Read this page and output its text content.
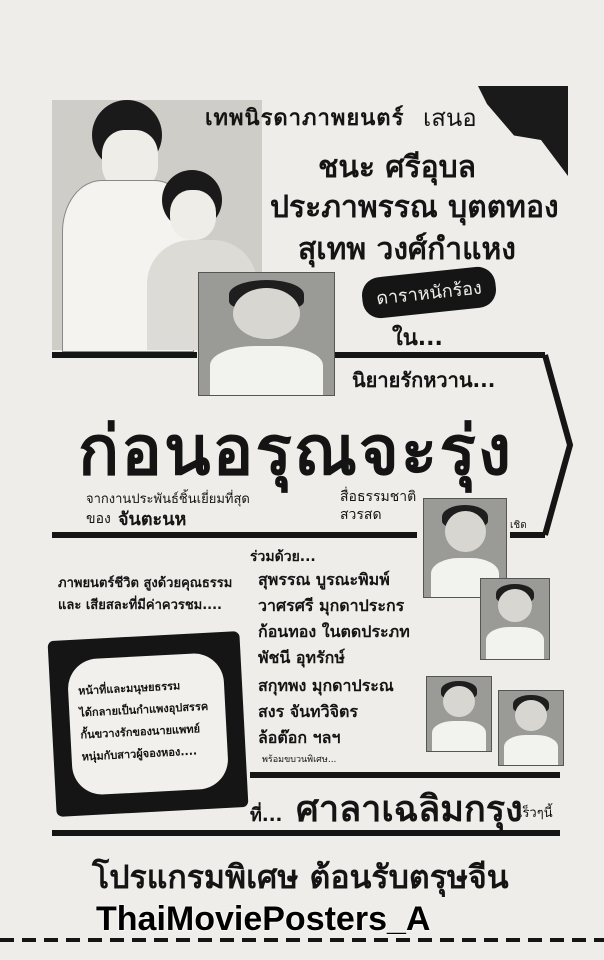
เทพนิรดาภาพยนตร์ เสนอ
ชนะ ศรีอุบล
ประภาพรรณ บุตตทอง
สุเทพ วงศ์กำแหง
ดาราหนักร้อง
ใน...
นิยายรักหวาน...
ก่อนอรุณจะรุ่ง
จากงานประพันธ์ชิ้นเยี่ยมที่สุด
ของ จันตะนห
สื่อธรรมชาติ สวรสด
เชิด
ภาพยนตร์ชีวิต สูงด้วยคุณธรรม
และ เสียสละที่มีค่าควรชม....
ร่วมด้วย...
สุพรรณ บูรณะพิมพ์
วาศรศรี มุกดาประกร
ก้อนทอง ในตดประภท
พัชนี อุทรักษ์
สกุทพง มุกดาประณ
สงร จันทวิจิตร
ล้อต๊อก ฯลฯ
พร้อมขบวนพิเศษ...
หน้าที่และมนุษยธรรม
ได้กลายเป็นกำแพงอุปสรรค
กั้นขวางรักของนายแพทย์
หนุ่มกับสาวผู้จองหอง....
ที่... ศาลาเฉลิมกรุง
เร็วๆนี้
โปรแกรมพิเศษ ต้อนรับตรุษจีน
ThaiMoviePosters_A
